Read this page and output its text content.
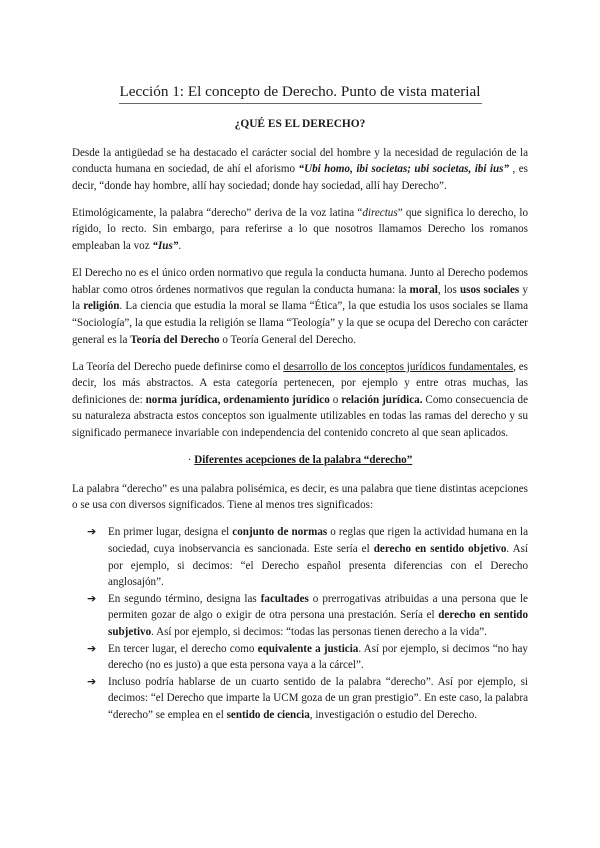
Lección 1: El concepto de Derecho. Punto de vista material
¿QUÉ ES EL DERECHO?

Desde la antigüedad se ha destacado el carácter social del hombre y la necesidad de regulación de la conducta humana en sociedad, de ahí el aforismo “Ubi homo, ibi societas; ubi societas, ibi ius” , es decir, “donde hay hombre, allí hay sociedad; donde hay sociedad, allí hay Derecho”.

Etimológicamente, la palabra “derecho” deriva de la voz latina “directus” que significa lo derecho, lo rígido, lo recto. Sin embargo, para referirse a lo que nosotros llamamos Derecho los romanos empleaban la voz “Ius”.

El Derecho no es el único orden normativo que regula la conducta humana. Junto al Derecho podemos hablar como otros órdenes normativos que regulan la conducta humana: la moral, los usos sociales y la religión. La ciencia que estudia la moral se llama “Ética”, la que estudia los usos sociales se llama “Sociología”, la que estudia la religión se llama “Teología” y la que se ocupa del Derecho con carácter general es la Teoría del Derecho o Teoría General del Derecho.

La Teoría del Derecho puede definirse como el desarrollo de los conceptos jurídicos fundamentales, es decir, los más abstractos. A esta categoría pertenecen, por ejemplo y entre otras muchas, las definiciones de: norma jurídica, ordenamiento jurídico o relación jurídica. Como consecuencia de su naturaleza abstracta estos conceptos son igualmente utilizables en todas las ramas del derecho y su significado permanece invariable con independencia del contenido concreto al que sean aplicados.

· Diferentes acepciones de la palabra “derecho”

La palabra “derecho” es una palabra polisémica, es decir, es una palabra que tiene distintas acepciones o se usa con diversos significados. Tiene al menos tres significados:

➔ En primer lugar, designa el conjunto de normas o reglas que rigen la actividad humana en la sociedad, cuya inobservancia es sancionada. Este sería el derecho en sentido objetivo. Así por ejemplo, si decimos: “el Derecho español presenta diferencias con el Derecho anglosajón”.
➔ En segundo término, designa las facultades o prerrogativas atribuidas a una persona que le permiten gozar de algo o exigir de otra persona una prestación. Sería el derecho en sentido subjetivo. Así por ejemplo, si decimos: “todas las personas tienen derecho a la vida”.
➔ En tercer lugar, el derecho como equivalente a justicia. Así por ejemplo, si decimos “no hay derecho (no es justo) a que esta persona vaya a la cárcel”.
➔ Incluso podría hablarse de un cuarto sentido de la palabra “derecho”. Así por ejemplo, si decimos: “el Derecho que imparte la UCM goza de un gran prestigio”. En este caso, la palabra “derecho” se emplea en el sentido de ciencia, investigación o estudio del Derecho.
